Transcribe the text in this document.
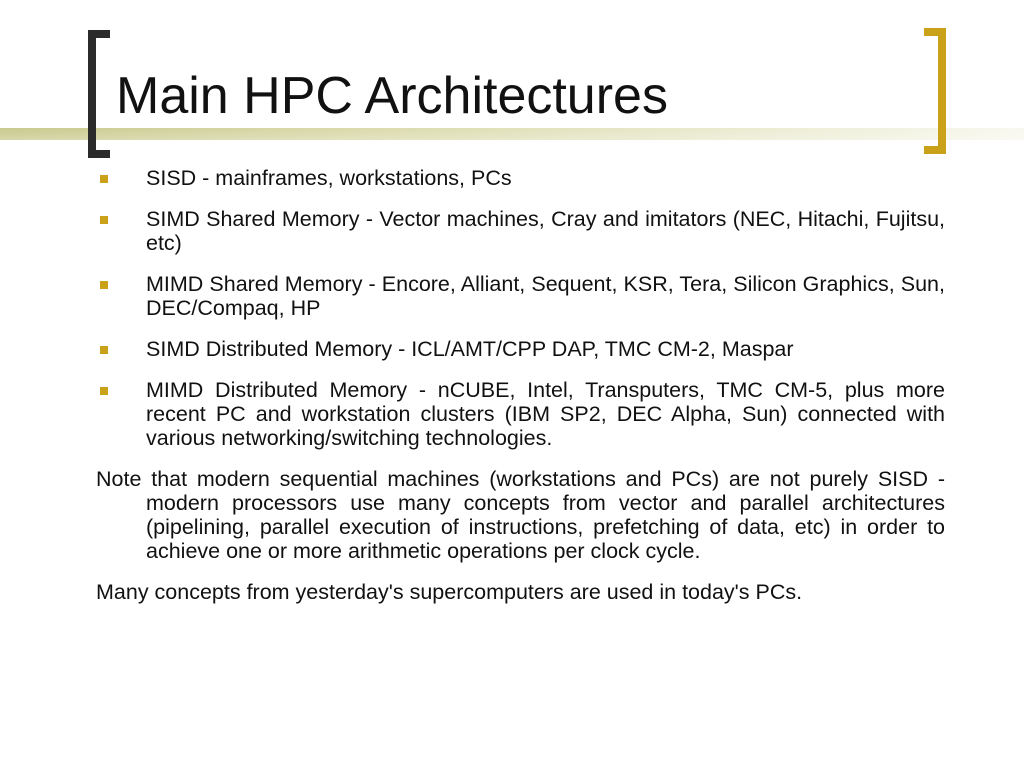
Main HPC Architectures
SISD - mainframes, workstations, PCs
SIMD Shared Memory - Vector machines, Cray and imitators (NEC, Hitachi, Fujitsu, etc)
MIMD Shared Memory - Encore, Alliant, Sequent, KSR, Tera, Silicon Graphics, Sun, DEC/Compaq, HP
SIMD Distributed Memory - ICL/AMT/CPP DAP, TMC CM-2, Maspar
MIMD Distributed Memory - nCUBE, Intel, Transputers, TMC CM-5, plus more recent PC and workstation clusters (IBM SP2, DEC Alpha, Sun) connected with various networking/switching technologies.

Note that modern sequential machines (workstations and PCs) are not purely SISD - modern processors use many concepts from vector and parallel architectures (pipelining, parallel execution of instructions, prefetching of data, etc) in order to achieve one or more arithmetic operations per clock cycle.

Many concepts from yesterday's supercomputers are used in today's PCs.
